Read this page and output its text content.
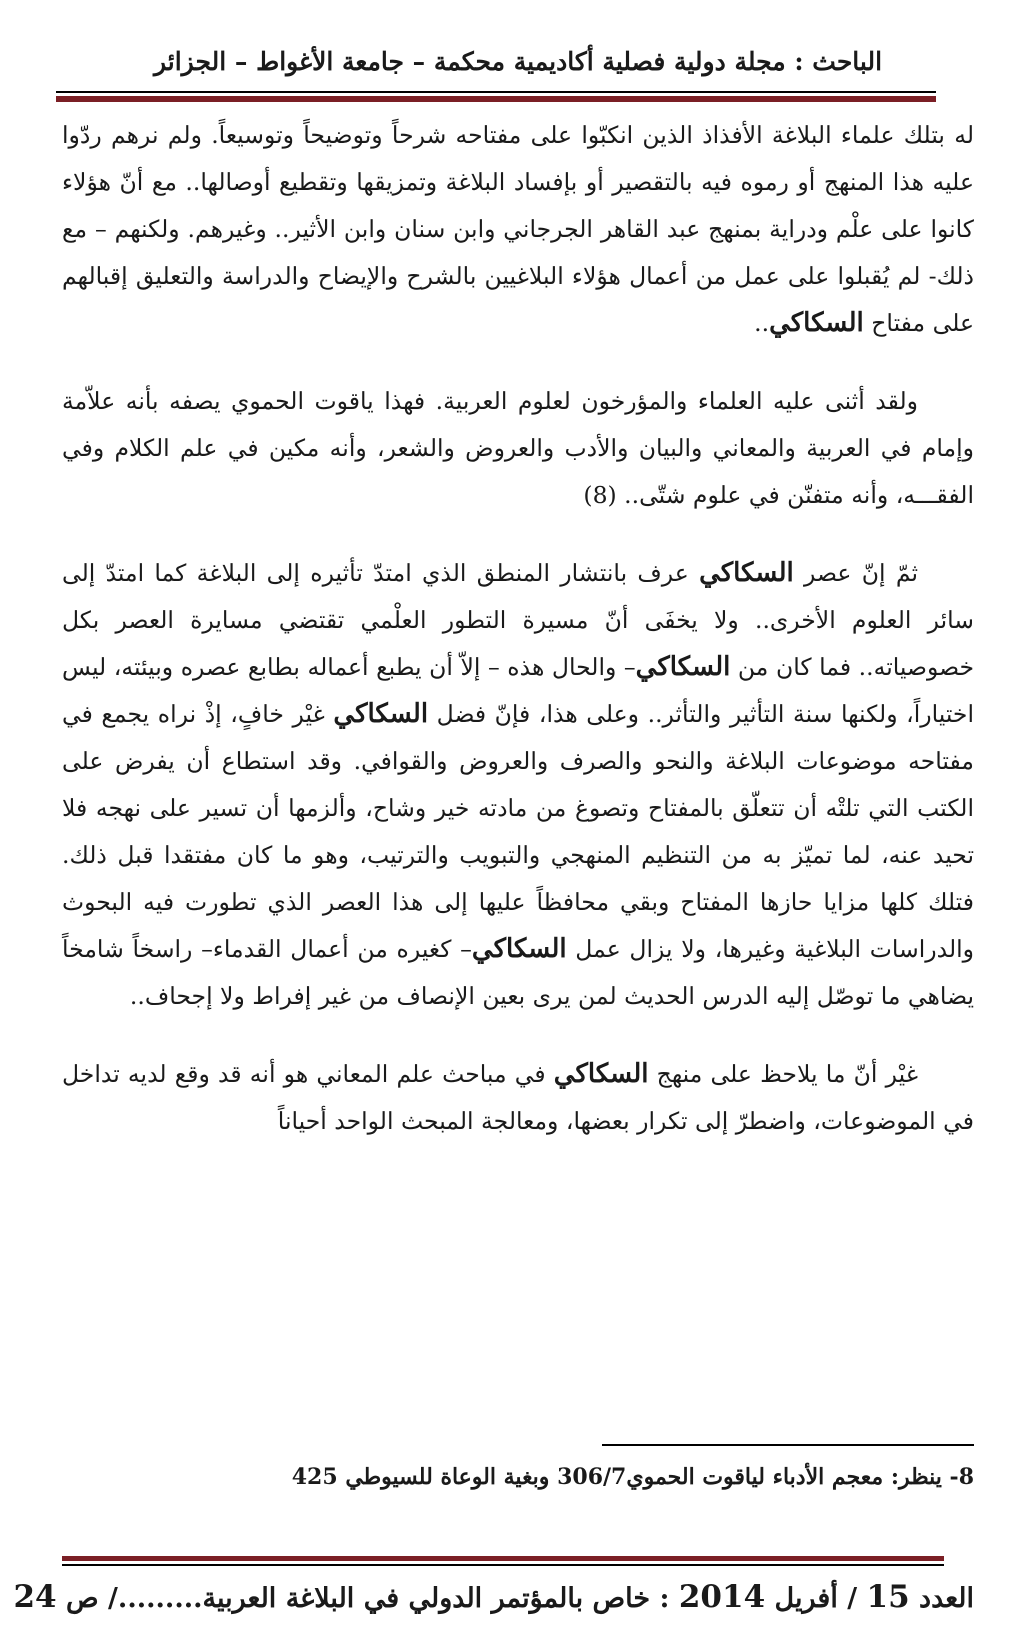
الباحث : مجلة دولية فصلية أكاديمية محكمة – جامعة الأغواط – الجزائر

له بتلك علماء البلاغة الأفذاذ الذين انكبّوا على مفتاحه شرحاً وتوضيحاً وتوسيعاً. ولم نرهم ردّوا عليه هذا المنهج أو رموه فيه بالتقصير أو بإفساد البلاغة وتمزيقها وتقطيع أوصالها.. مع أنّ هؤلاء كانوا على علْم ودراية بمنهج عبد القاهر الجرجاني وابن سنان وابن الأثير.. وغيرهم. ولكنهم – مع ذلك- لم يُقبلوا على عمل من أعمال هؤلاء البلاغيين بالشرح والإيضاح والدراسة والتعليق إقبالهم على مفتاح السكاكي..

ولقد أثنى عليه العلماء والمؤرخون لعلوم العربية. فهذا ياقوت الحموي يصفه بأنه علاّمة وإمام في العربية والمعاني والبيان والأدب والعروض والشعر، وأنه مكين في علم الكلام وفي الفقـــه، وأنه متفنّن في علوم شتّى.. (8)

ثمّ إنّ عصر السكاكي عرف بانتشار المنطق الذي امتدّ تأثيره إلى البلاغة كما امتدّ إلى سائر العلوم الأخرى.. ولا يخفَى أنّ مسيرة التطور العلْمي تقتضي مسايرة العصر بكل خصوصياته.. فما كان من السكاكي– والحال هذه – إلاّ أن يطبع أعماله بطابع عصره وبيئته، ليس اختياراً، ولكنها سنة التأثير والتأثر.. وعلى هذا، فإنّ فضل السكاكي غيْر خافٍ، إذْ نراه يجمع في مفتاحه موضوعات البلاغة والنحو والصرف والعروض والقوافي. وقد استطاع أن يفرض على الكتب التي تلتْه أن تتعلّق بالمفتاح وتصوغ من مادته خير وشاح، وألزمها أن تسير على نهجه فلا تحيد عنه، لما تميّز به من التنظيم المنهجي والتبويب والترتيب، وهو ما كان مفتقدا قبل ذلك. فتلك كلها مزايا حازها المفتاح وبقي محافظاً عليها إلى هذا العصر الذي تطورت فيه البحوث والدراسات البلاغية وغيرها، ولا يزال عمل السكاكي– كغيره من أعمال القدماء– راسخاً شامخاً يضاهي ما توصّل إليه الدرس الحديث لمن يرى بعين الإنصاف من غير إفراط ولا إجحاف..

غيْر أنّ ما يلاحظ على منهج السكاكي في مباحث علم المعاني هو أنه قد وقع لديه تداخل في الموضوعات، واضطرّ إلى تكرار بعضها، ومعالجة المبحث الواحد أحياناً

8- ينظر: معجم الأدباء لياقوت الحموي306/7 وبغية الوعاة للسيوطي 425
العدد 15 / أفريل 2014 : خاص بالمؤتمر الدولي في البلاغة العربية........./ ص 24
